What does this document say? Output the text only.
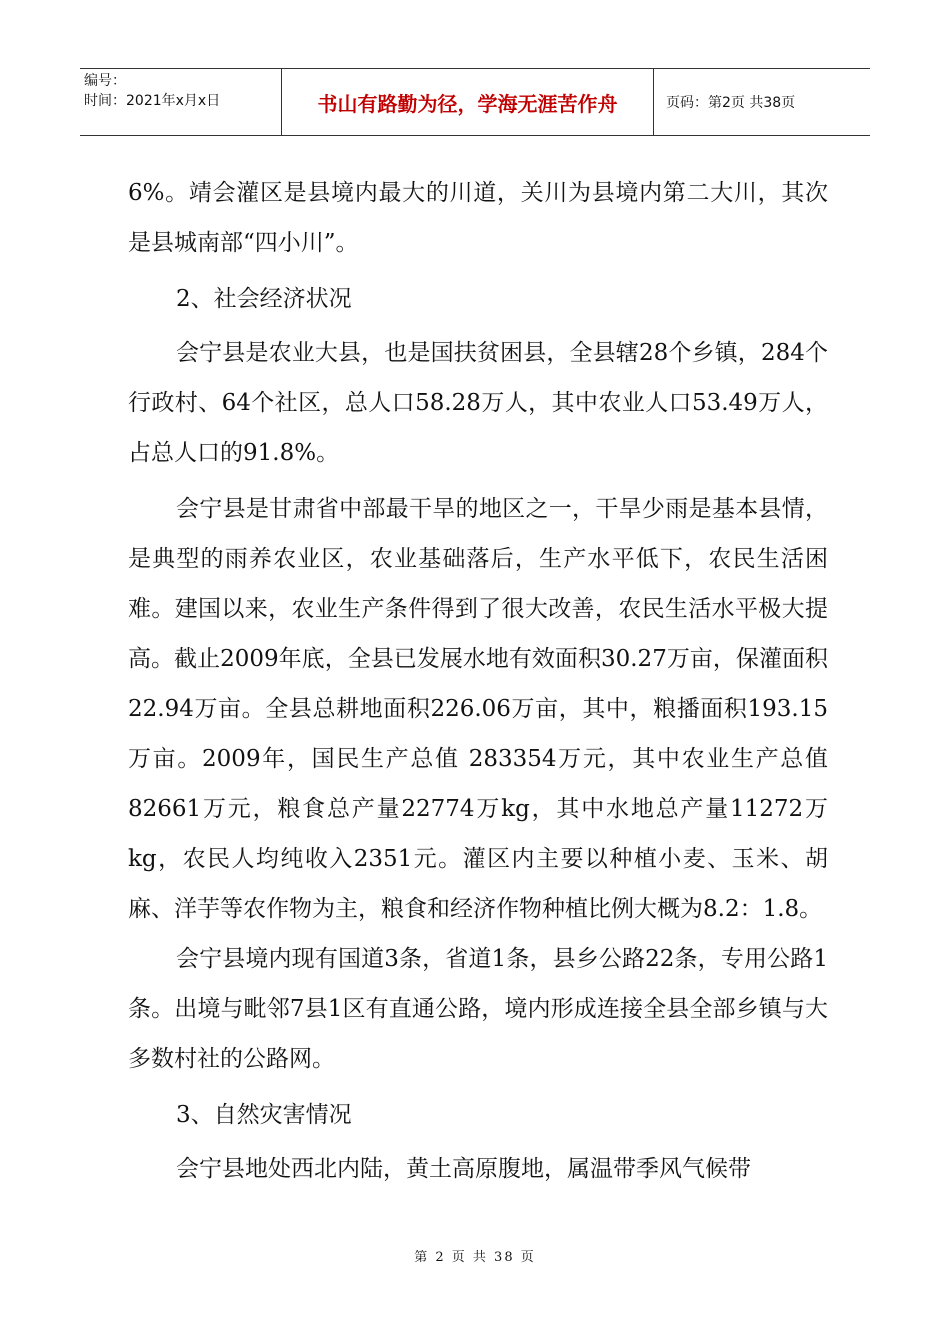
编号：
时间：2021年x月x日	书山有路勤为径，学海无涯苦作舟	页码：第2页 共38页

6%。靖会灌区是县境内最大的川道，关川为县境内第二大川，其次是县城南部“四小川”。

2、社会经济状况

会宁县是农业大县，也是国扶贫困县，全县辖28个乡镇，284个行政村、64个社区，总人口58.28万人，其中农业人口53.49万人，占总人口的91.8%。

会宁县是甘肃省中部最干旱的地区之一，干旱少雨是基本县情，是典型的雨养农业区，农业基础落后，生产水平低下，农民生活困难。建国以来，农业生产条件得到了很大改善，农民生活水平极大提高。截止2009年底，全县已发展水地有效面积30.27万亩，保灌面积22.94万亩。全县总耕地面积226.06万亩，其中，粮播面积193.15万亩。2009年，国民生产总值 283354万元，其中农业生产总值82661万元，粮食总产量22774万kg，其中水地总产量11272万kg，农民人均纯收入2351元。灌区内主要以种植小麦、玉米、胡麻、洋芋等农作物为主，粮食和经济作物种植比例大概为8.2：1.8。

会宁县境内现有国道3条，省道1条，县乡公路22条，专用公路1条。出境与毗邻7县1区有直通公路，境内形成连接全县全部乡镇与大多数村社的公路网。

3、自然灾害情况

会宁县地处西北内陆，黄土高原腹地，属温带季风气候带

第 2 页 共 38 页
